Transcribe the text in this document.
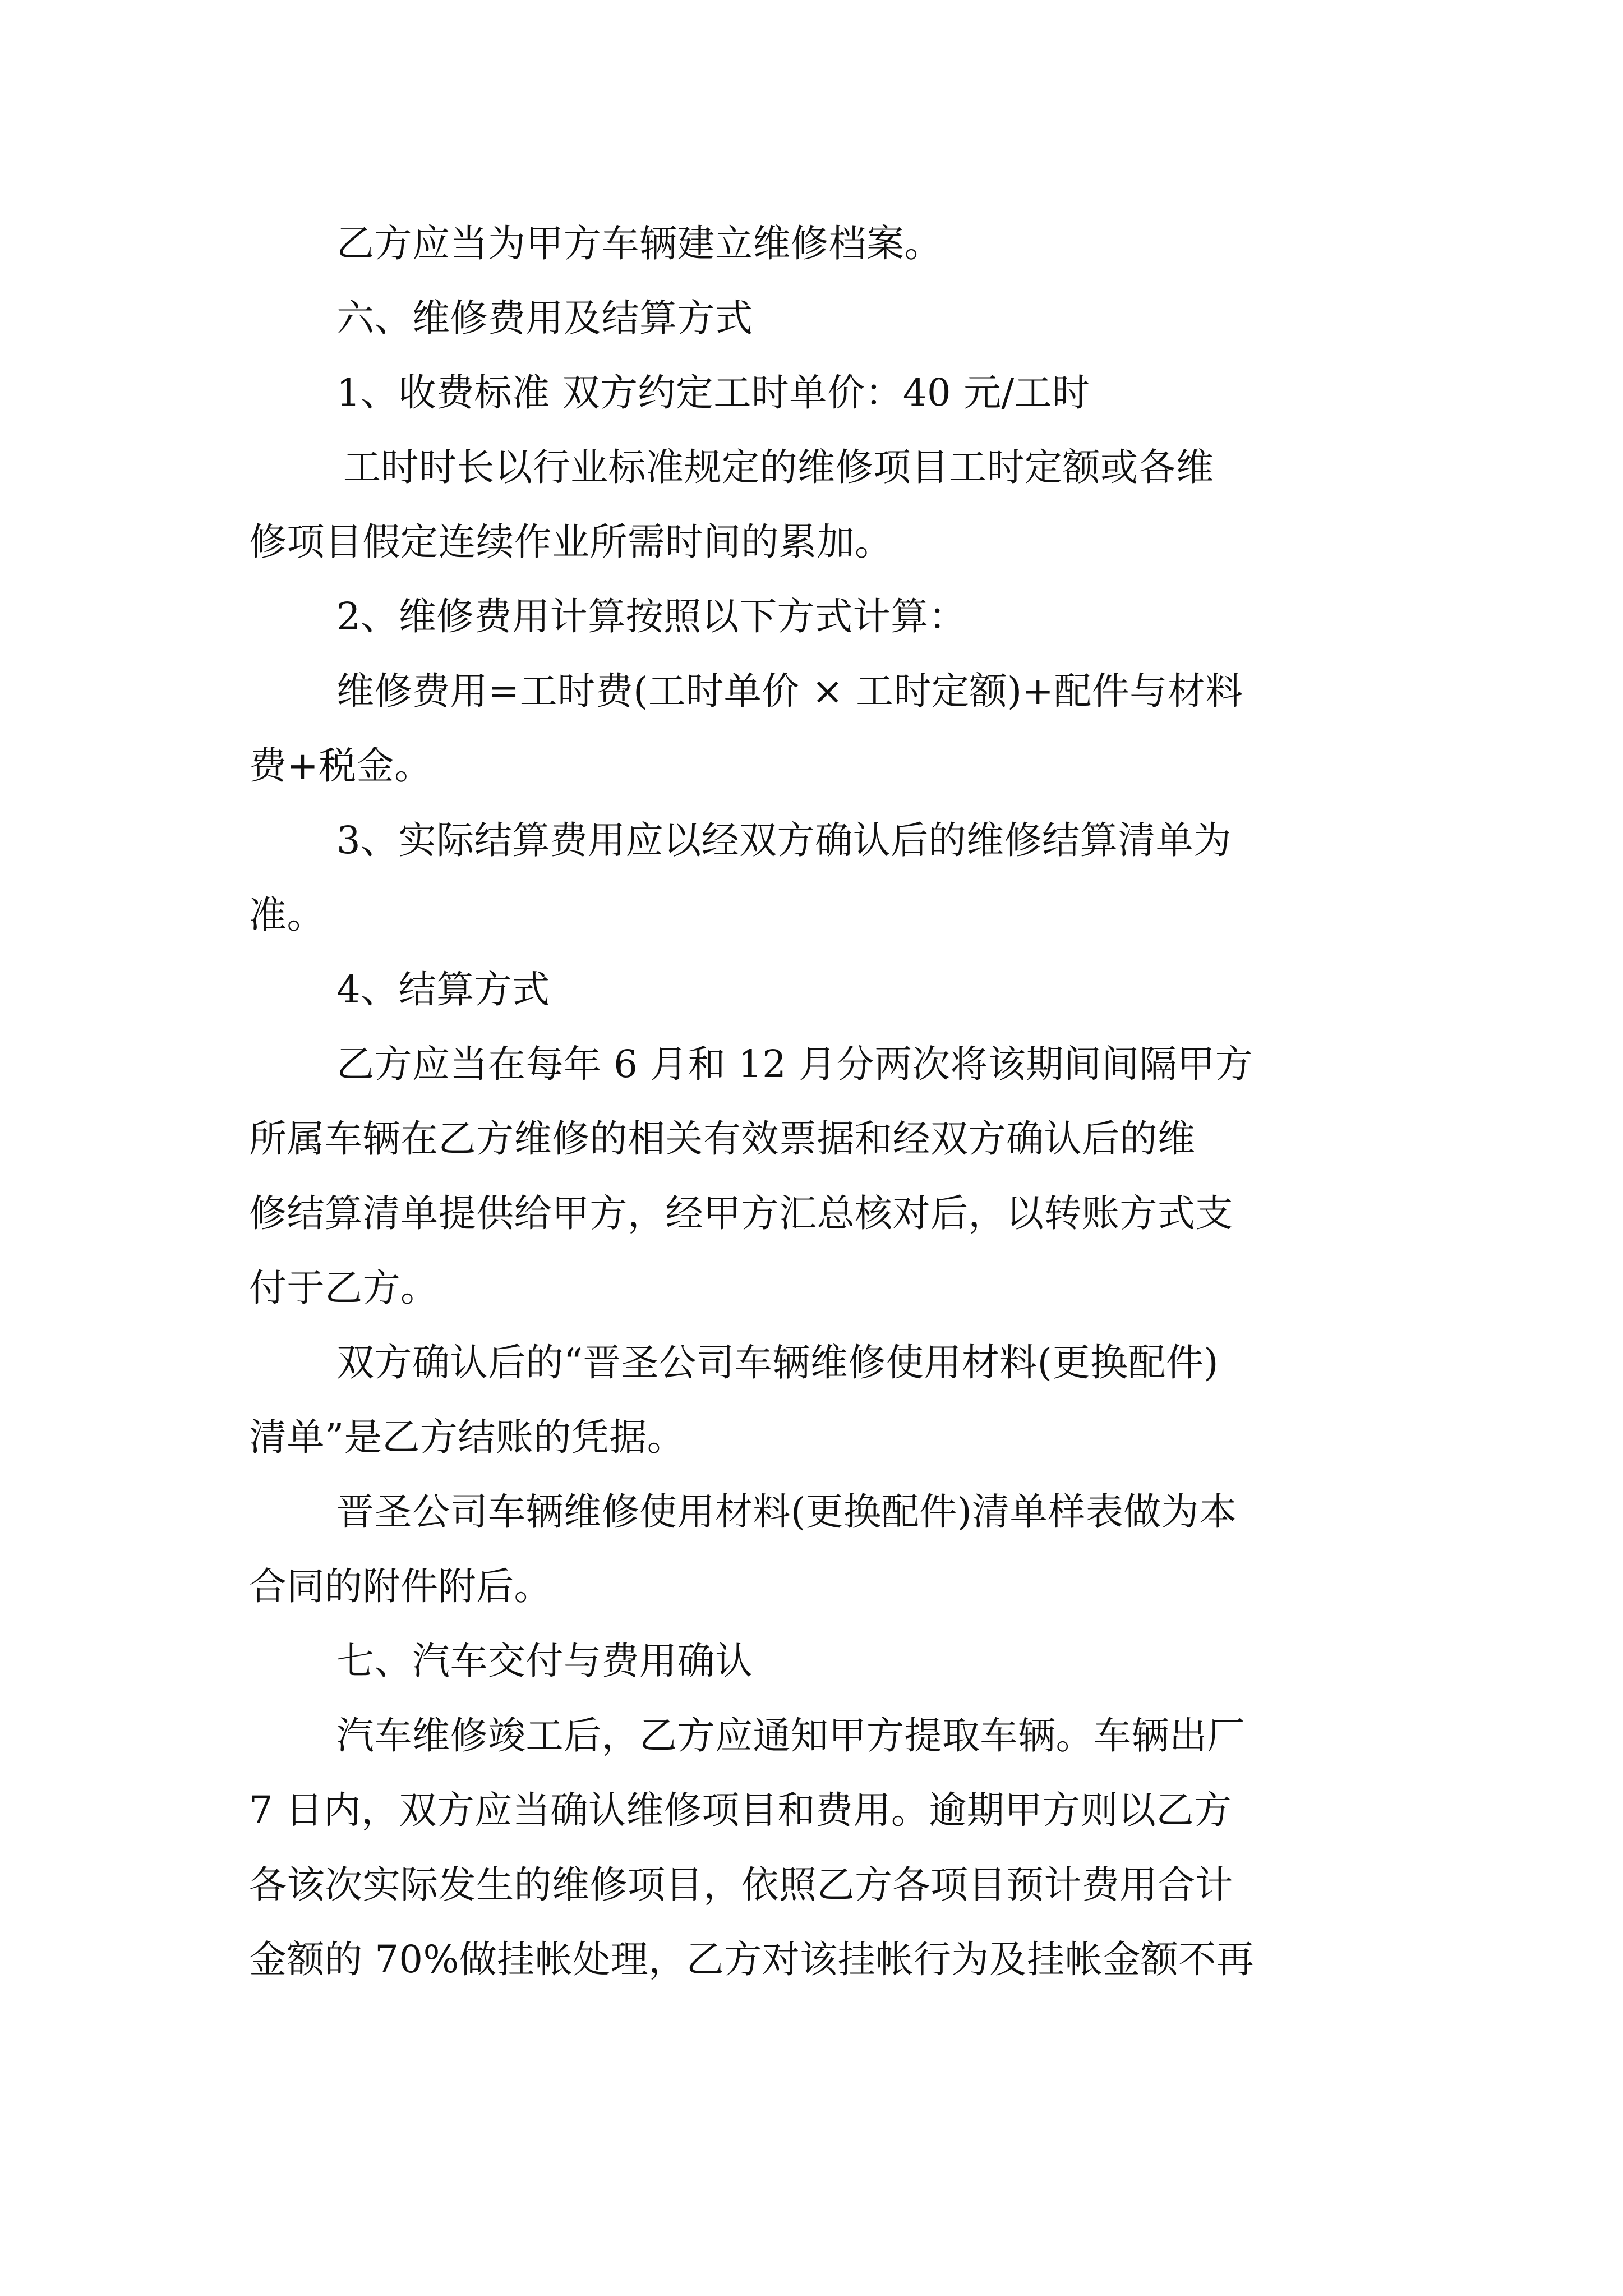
乙方应当为甲方车辆建立维修档案。
六、维修费用及结算方式
1、收费标准 双方约定工时单价：40 元/工时
工时时长以行业标准规定的维修项目工时定额或各维
修项目假定连续作业所需时间的累加。
2、维修费用计算按照以下方式计算：
维修费用=工时费(工时单价 × 工时定额)+配件与材料
费+税金。
3、实际结算费用应以经双方确认后的维修结算清单为
准。
4、结算方式
乙方应当在每年 6 月和 12 月分两次将该期间间隔甲方
所属车辆在乙方维修的相关有效票据和经双方确认后的维
修结算清单提供给甲方，经甲方汇总核对后，以转账方式支
付于乙方。
双方确认后的“晋圣公司车辆维修使用材料(更换配件)
清单”是乙方结账的凭据。
晋圣公司车辆维修使用材料(更换配件)清单样表做为本
合同的附件附后。
七、汽车交付与费用确认
汽车维修竣工后，乙方应通知甲方提取车辆。车辆出厂
7 日内，双方应当确认维修项目和费用。逾期甲方则以乙方
各该次实际发生的维修项目，依照乙方各项目预计费用合计
金额的 70%做挂帐处理，乙方对该挂帐行为及挂帐金额不再
